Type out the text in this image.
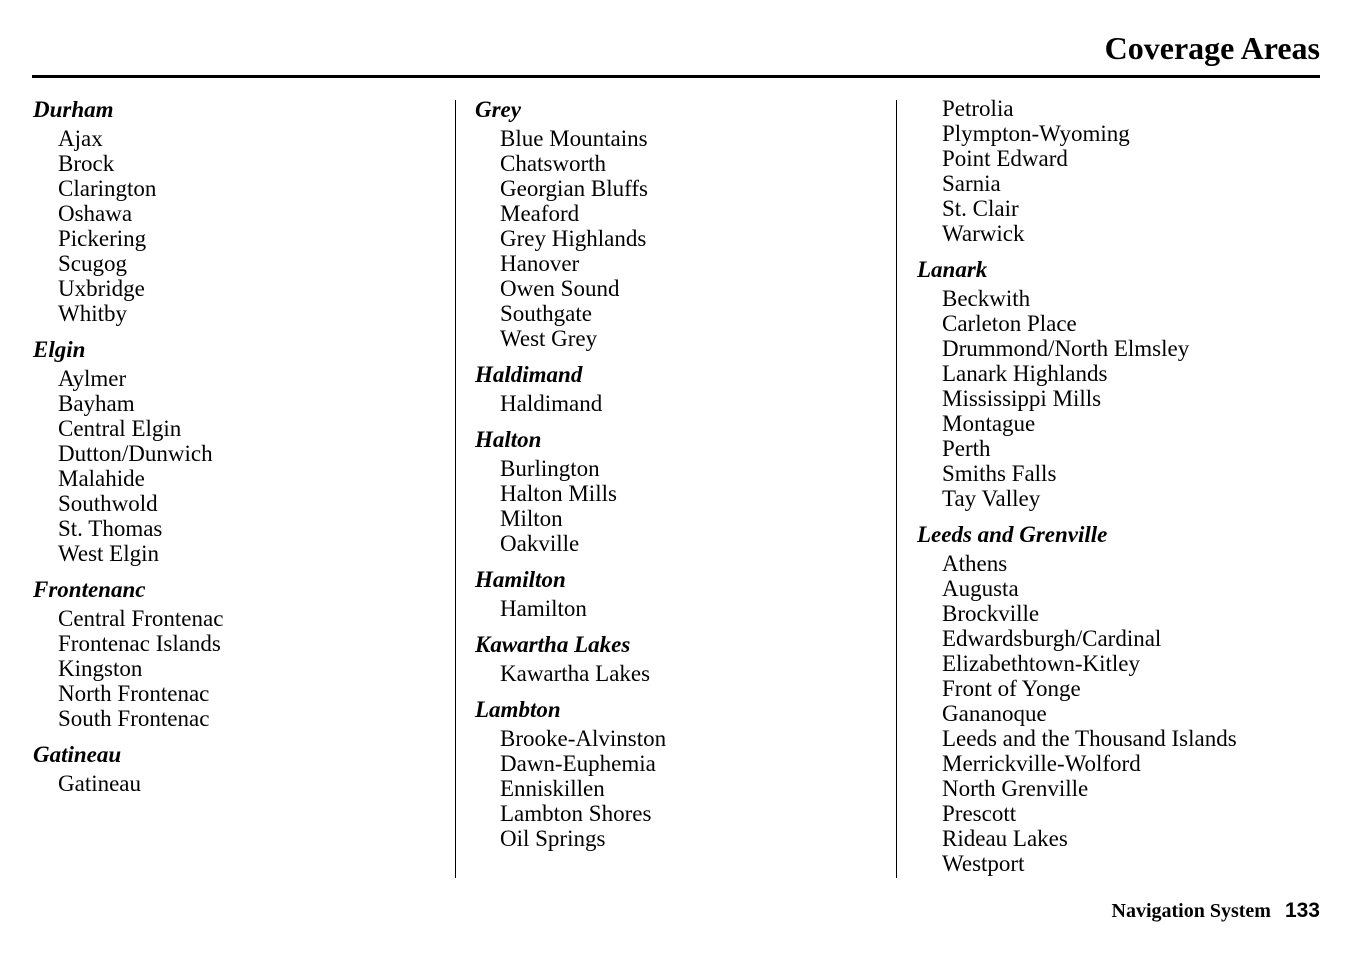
Coverage Areas
Durham
Ajax
Brock
Clarington
Oshawa
Pickering
Scugog
Uxbridge
Whitby
Elgin
Aylmer
Bayham
Central Elgin
Dutton/Dunwich
Malahide
Southwold
St. Thomas
West Elgin
Frontenanc
Central Frontenac
Frontenac Islands
Kingston
North Frontenac
South Frontenac
Gatineau
Gatineau
Grey
Blue Mountains
Chatsworth
Georgian Bluffs
Meaford
Grey Highlands
Hanover
Owen Sound
Southgate
West Grey
Haldimand
Haldimand
Halton
Burlington
Halton Mills
Milton
Oakville
Hamilton
Hamilton
Kawartha Lakes
Kawartha Lakes
Lambton
Brooke-Alvinston
Dawn-Euphemia
Enniskillen
Lambton Shores
Oil Springs
Petrolia
Plympton-Wyoming
Point Edward
Sarnia
St. Clair
Warwick
Lanark
Beckwith
Carleton Place
Drummond/North Elmsley
Lanark Highlands
Mississippi Mills
Montague
Perth
Smiths Falls
Tay Valley
Leeds and Grenville
Athens
Augusta
Brockville
Edwardsburgh/Cardinal
Elizabethtown-Kitley
Front of Yonge
Gananoque
Leeds and the Thousand Islands
Merrickville-Wolford
North Grenville
Prescott
Rideau Lakes
Westport
Navigation System 133
